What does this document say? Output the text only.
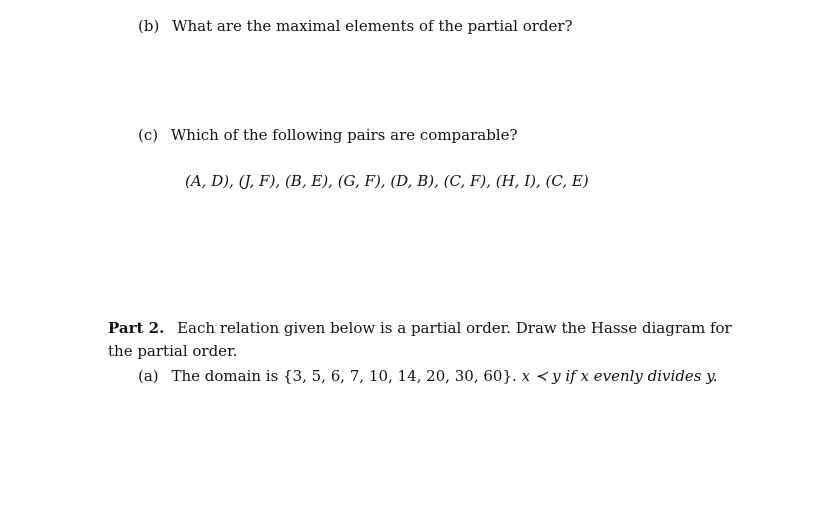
(b) What are the maximal elements of the partial order?
(c) Which of the following pairs are comparable?
(A, D), (J, F), (B, E), (G, F), (D, B), (C, F), (H, I), (C, E)
Part 2. Each relation given below is a partial order. Draw the Hasse diagram for
the partial order.
(a) The domain is {3, 5, 6, 7, 10, 14, 20, 30, 60}. x ≺ y if x evenly divides y.
